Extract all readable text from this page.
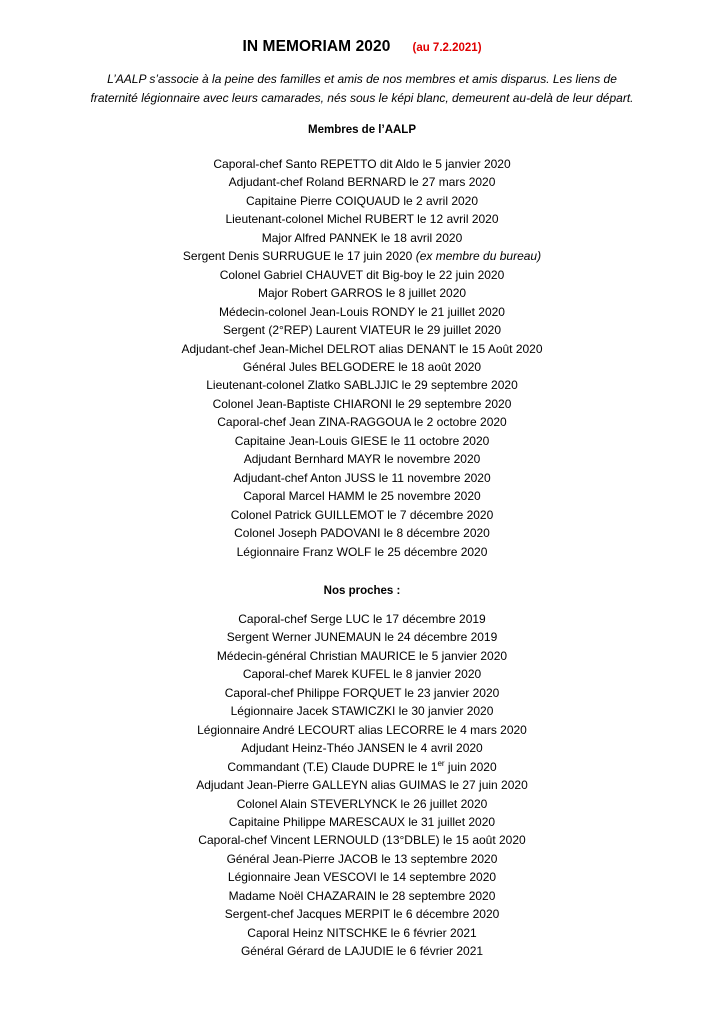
IN MEMORIAM 2020 (au 7.2.2021)
L’AALP s’associe à la peine des familles et amis de nos membres et amis disparus. Les liens de
fraternité légionnaire avec leurs camarades, nés sous le képi blanc, demeurent au-delà de leur départ.
Membres de l’AALP
Caporal-chef Santo REPETTO dit Aldo le 5 janvier 2020
Adjudant-chef Roland BERNARD le 27 mars 2020
Capitaine Pierre COIQUAUD le 2 avril 2020
Lieutenant-colonel Michel RUBERT le 12 avril 2020
Major Alfred PANNEK le 18 avril 2020
Sergent Denis SURRUGUE le 17 juin 2020 (ex membre du bureau)
Colonel Gabriel CHAUVET dit Big-boy le 22 juin 2020
Major Robert GARROS le 8 juillet 2020
Médecin-colonel Jean-Louis RONDY le 21 juillet 2020
Sergent (2°REP) Laurent VIATEUR le 29 juillet 2020
Adjudant-chef Jean-Michel DELROT alias DENANT le 15 Août 2020
Général Jules BELGODERE le 18 août 2020
Lieutenant-colonel Zlatko SABLJJIC le 29 septembre 2020
Colonel Jean-Baptiste CHIARONI le 29 septembre 2020
Caporal-chef Jean ZINA-RAGGOUA le 2 octobre 2020
Capitaine Jean-Louis GIESE le 11 octobre 2020
Adjudant Bernhard MAYR le novembre 2020
Adjudant-chef Anton JUSS le 11 novembre 2020
Caporal Marcel HAMM le 25 novembre 2020
Colonel Patrick GUILLEMOT le 7 décembre 2020
Colonel Joseph PADOVANI le 8 décembre 2020
Légionnaire Franz WOLF le 25 décembre 2020
Nos proches :
Caporal-chef Serge LUC le 17 décembre 2019
Sergent Werner JUNEMAUN le 24 décembre 2019
Médecin-général Christian MAURICE le 5 janvier 2020
Caporal-chef Marek KUFEL le 8 janvier 2020
Caporal-chef Philippe FORQUET le 23 janvier 2020
Légionnaire Jacek STAWICZKI le 30 janvier 2020
Légionnaire André LECOURT alias LECORRE le 4 mars 2020
Adjudant Heinz-Théo JANSEN le 4 avril 2020
Commandant (T.E) Claude DUPRE le 1er juin 2020
Adjudant Jean-Pierre GALLEYN alias GUIMAS le 27 juin 2020
Colonel Alain STEVERLYNCK le 26 juillet 2020
Capitaine Philippe MARESCAUX le 31 juillet 2020
Caporal-chef Vincent LERNOULD (13°DBLE) le 15 août 2020
Général Jean-Pierre JACOB le 13 septembre 2020
Légionnaire Jean VESCOVI le 14 septembre 2020
Madame Noël CHAZARAIN le 28 septembre 2020
Sergent-chef Jacques MERPIT le 6 décembre 2020
Caporal Heinz NITSCHKE le 6 février 2021
Général Gérard de LAJUDIE le 6 février 2021
